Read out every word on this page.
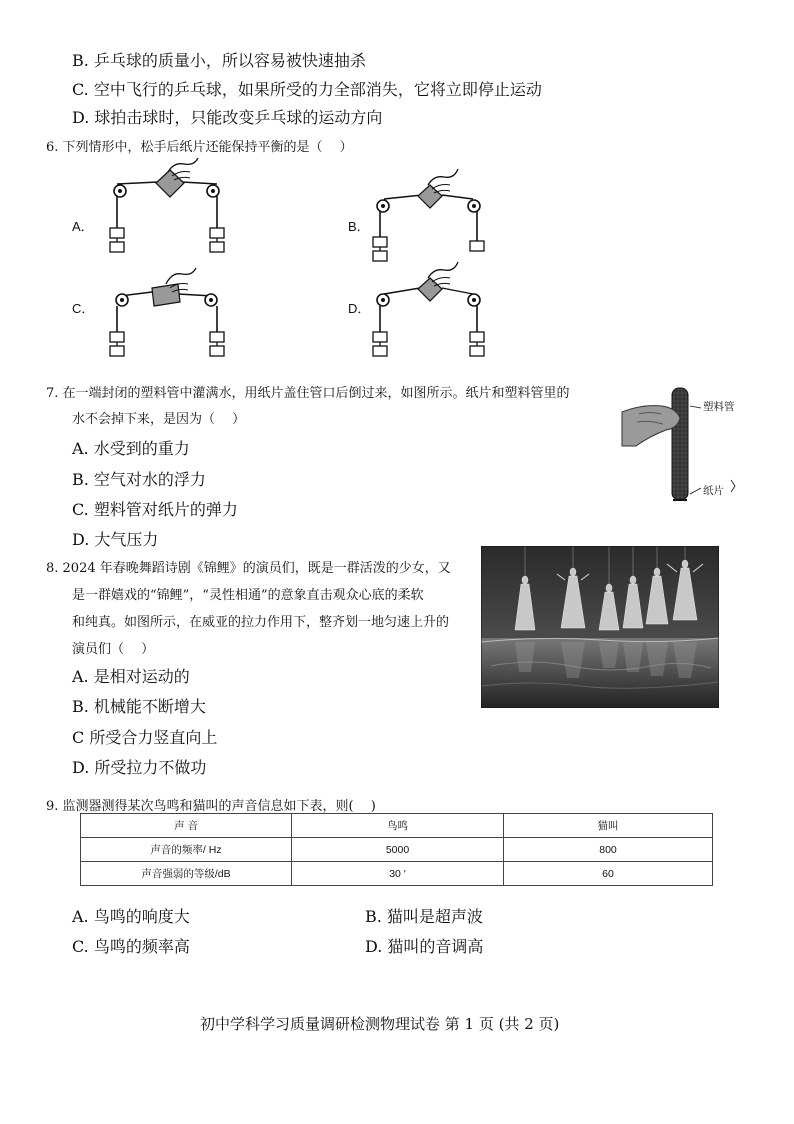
B. 乒乓球的质量小，所以容易被快速抽杀
C. 空中飞行的乒乓球，如果所受的力全部消失，它将立即停止运动
D. 球拍击球时，只能改变乒乓球的运动方向
6. 下列情形中，松手后纸片还能保持平衡的是（　 ）
A．	B．
C．	D．
7. 在一端封闭的塑料管中灌满水，用纸片盖住管口后倒过来，如图所示。纸片和塑料管里的
水不会掉下来，是因为（　 ）
A. 水受到的重力
B. 空气对水的浮力
C. 塑料管对纸片的弹力
D. 大气压力
塑料管
纸片
8. 2024 年春晚舞蹈诗剧《锦鲤》的演员们，既是一群活泼的少女，又
是一群嬉戏的“锦鲤”，“灵性相通”的意象直击观众心底的柔软
和纯真。如图所示，在威亚的拉力作用下，整齐划一地匀速上升的
演员们（　 ）
A. 是相对运动的
B. 机械能不断增大
C 所受合力竖直向上
D. 所受拉力不做功
9. 监测器测得某次鸟鸣和猫叫的声音信息如下表，则(　 )
声 音	鸟鸣	猫叫
声音的频率/ Hz	5000	800
声音强弱的等级/dB	30 ′	60
A. 鸟鸣的响度大	B. 猫叫是超声波
C. 鸟鸣的频率高	D. 猫叫的音调高
初中学科学习质量调研检测物理试卷 第 1 页 (共 2 页)
